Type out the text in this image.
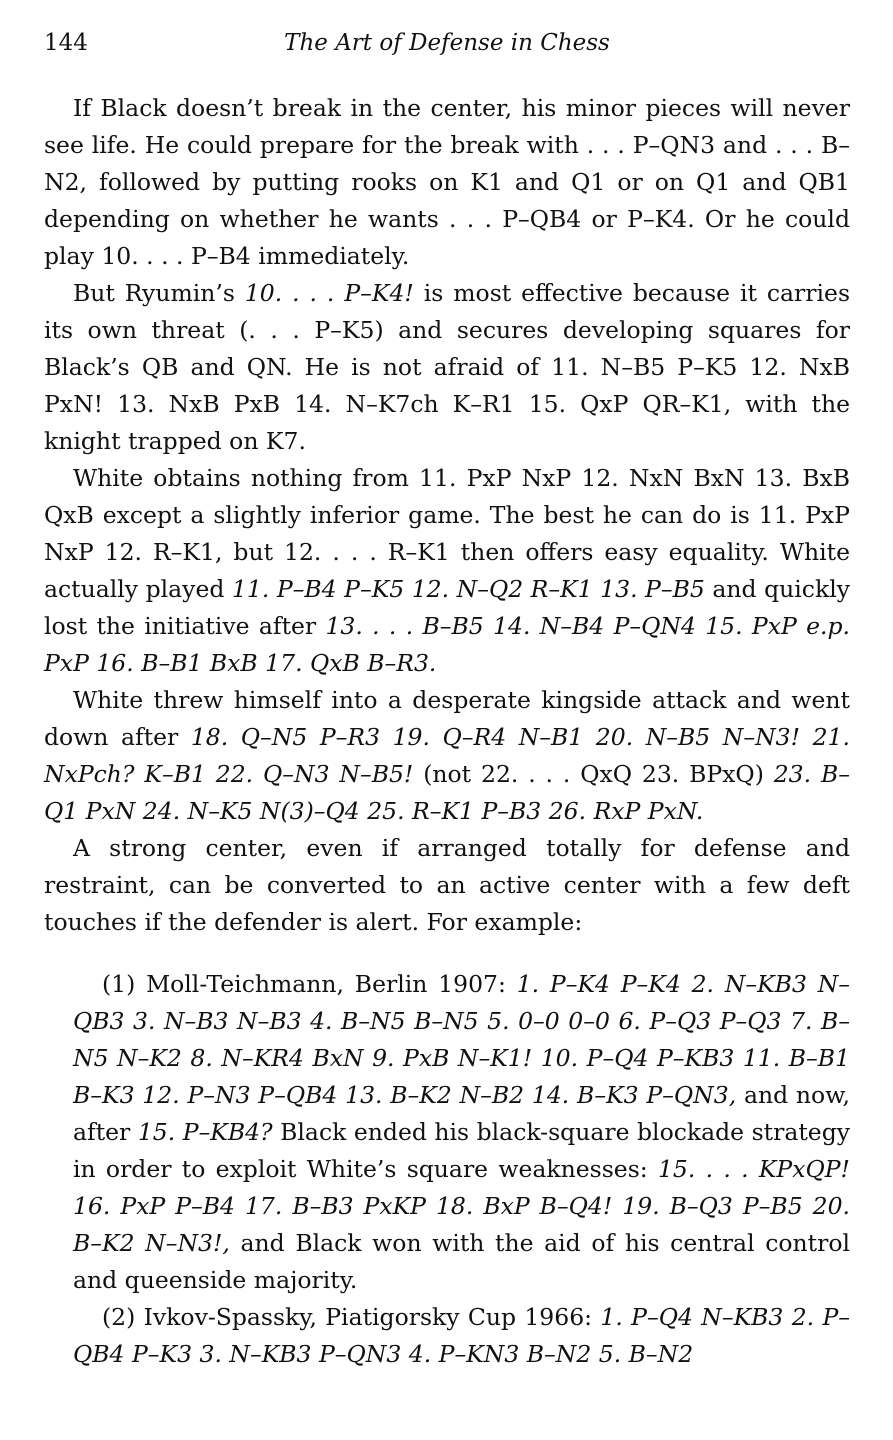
144	The Art of Defense in Chess

If Black doesn’t break in the center, his minor pieces will never see life. He could prepare for the break with . . . P–QN3 and . . . B–N2, followed by putting rooks on K1 and Q1 or on Q1 and QB1 depending on whether he wants . . . P–QB4 or P–K4. Or he could play 10. . . . P–B4 immediately.

But Ryumin’s 10. . . . P–K4! is most effective because it carries its own threat (. . . P–K5) and secures developing squares for Black’s QB and QN. He is not afraid of 11. N–B5 P–K5 12. NxB PxN! 13. NxB PxB 14. N–K7ch K–R1 15. QxP QR–K1, with the knight trapped on K7.

White obtains nothing from 11. PxP NxP 12. NxN BxN 13. BxB QxB except a slightly inferior game. The best he can do is 11. PxP NxP 12. R–K1, but 12. . . . R–K1 then offers easy equality. White actually played 11. P–B4 P–K5 12. N–Q2 R–K1 13. P–B5 and quickly lost the initiative after 13. . . . B–B5 14. N–B4 P–QN4 15. PxP e.p. PxP 16. B–B1 BxB 17. QxB B–R3.

White threw himself into a desperate kingside attack and went down after 18. Q–N5 P–R3 19. Q–R4 N–B1 20. N–B5 N–N3! 21. NxPch? K–B1 22. Q–N3 N–B5! (not 22. . . . QxQ 23. BPxQ) 23. B–Q1 PxN 24. N–K5 N(3)–Q4 25. R–K1 P–B3 26. RxP PxN.

A strong center, even if arranged totally for defense and restraint, can be converted to an active center with a few deft touches if the defender is alert. For example:

(1) Moll-Teichmann, Berlin 1907: 1. P–K4 P–K4 2. N–KB3 N–QB3 3. N–B3 N–B3 4. B–N5 B–N5 5. 0–0 0–0 6. P–Q3 P–Q3 7. B–N5 N–K2 8. N–KR4 BxN 9. PxB N–K1! 10. P–Q4 P–KB3 11. B–B1 B–K3 12. P–N3 P–QB4 13. B–K2 N–B2 14. B–K3 P–QN3, and now, after 15. P–KB4? Black ended his black-square blockade strategy in order to exploit White’s square weaknesses: 15. . . . KPxQP! 16. PxP P–B4 17. B–B3 PxKP 18. BxP B–Q4! 19. B–Q3 P–B5 20. B–K2 N–N3!, and Black won with the aid of his central control and queenside majority.

(2) Ivkov-Spassky, Piatigorsky Cup 1966: 1. P–Q4 N–KB3 2. P–QB4 P–K3 3. N–KB3 P–QN3 4. P–KN3 B–N2 5. B–N2
